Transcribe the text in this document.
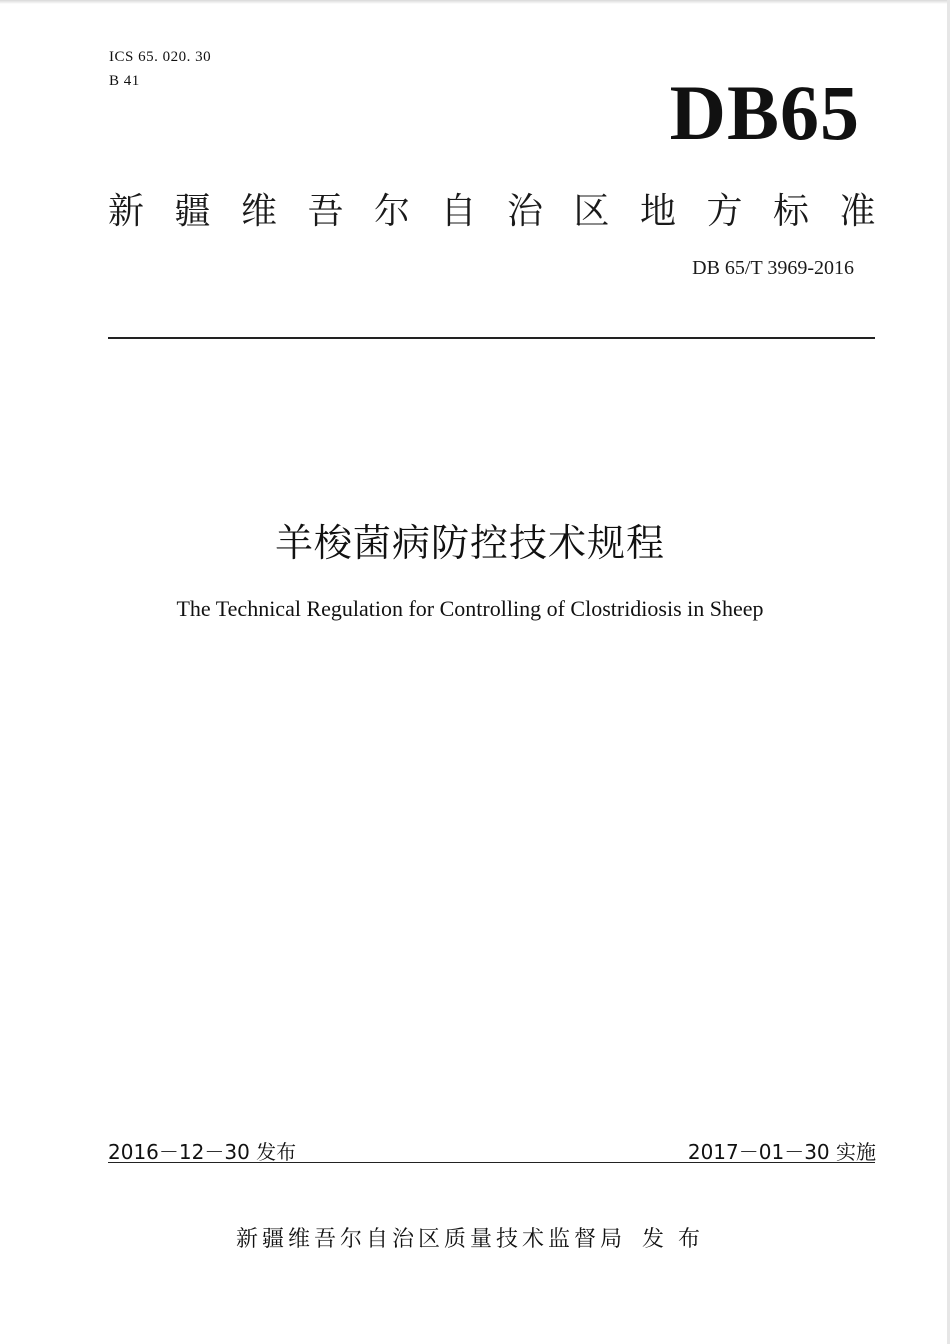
ICS 65. 020. 30
B 41	DB65
新疆维吾尔自治区地方标准
DB 65/T 3969-2016
羊梭菌病防控技术规程
The Technical Regulation for Controlling of Clostridiosis in Sheep
2016－12－30 发布	2017－01－30 实施
新疆维吾尔自治区质量技术监督局 发布
